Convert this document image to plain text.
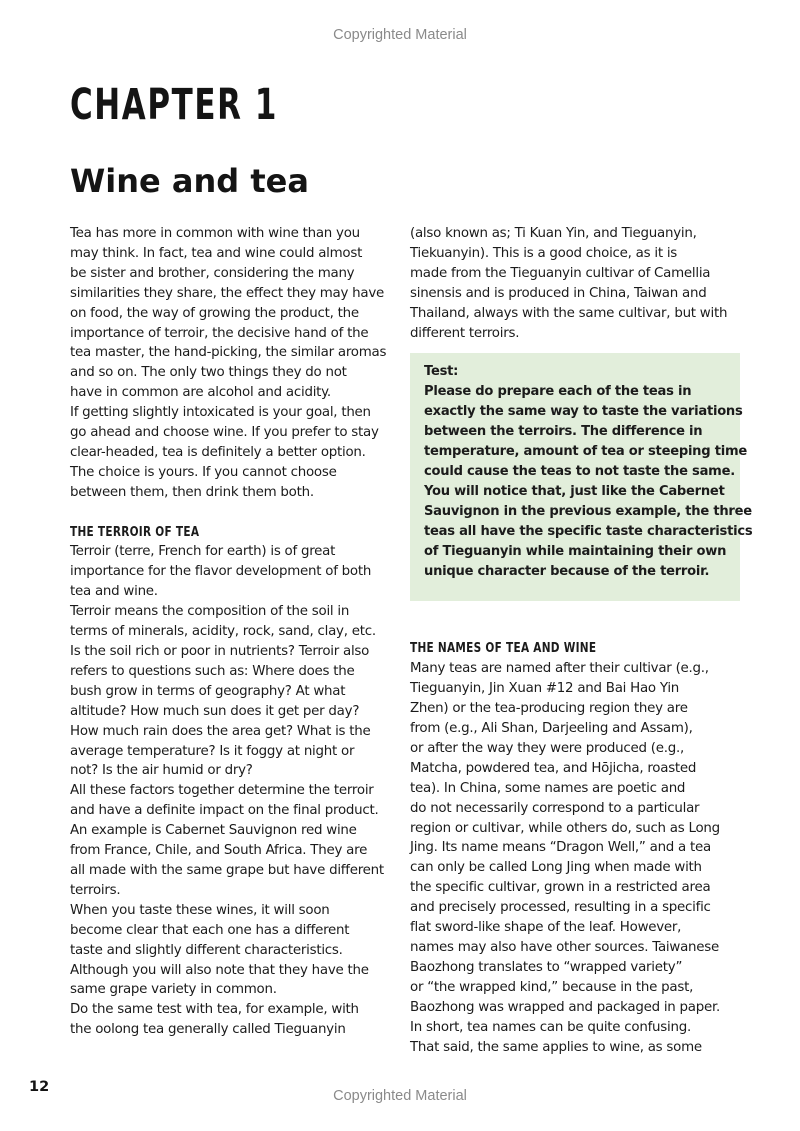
Copyrighted Material
CHAPTER 1
Wine and tea
Tea has more in common with wine than you
may think. In fact, tea and wine could almost
be sister and brother, considering the many
similarities they share, the effect they may have
on food, the way of growing the product, the
importance of terroir, the decisive hand of the
tea master, the hand-picking, the similar aromas
and so on. The only two things they do not
have in common are alcohol and acidity.
If getting slightly intoxicated is your goal, then
go ahead and choose wine. If you prefer to stay
clear-headed, tea is definitely a better option.
The choice is yours. If you cannot choose
between them, then drink them both.
THE TERROIR OF TEA
Terroir (terre, French for earth) is of great
importance for the flavor development of both
tea and wine.
Terroir means the composition of the soil in
terms of minerals, acidity, rock, sand, clay, etc.
Is the soil rich or poor in nutrients? Terroir also
refers to questions such as: Where does the
bush grow in terms of geography? At what
altitude? How much sun does it get per day?
How much rain does the area get? What is the
average temperature? Is it foggy at night or
not? Is the air humid or dry?
All these factors together determine the terroir
and have a definite impact on the final product.
An example is Cabernet Sauvignon red wine
from France, Chile, and South Africa. They are
all made with the same grape but have different
terroirs.
When you taste these wines, it will soon
become clear that each one has a different
taste and slightly different characteristics.
Although you will also note that they have the
same grape variety in common.
Do the same test with tea, for example, with
the oolong tea generally called Tieguanyin
(also known as; Ti Kuan Yin, and Tieguanyin,
Tiekuanyin). This is a good choice, as it is
made from the Tieguanyin cultivar of Camellia
sinensis and is produced in China, Taiwan and
Thailand, always with the same cultivar, but with
different terroirs.
Test:
Please do prepare each of the teas in
exactly the same way to taste the variations
between the terroirs. The difference in
temperature, amount of tea or steeping time
could cause the teas to not taste the same.
You will notice that, just like the Cabernet
Sauvignon in the previous example, the three
teas all have the specific taste characteristics
of Tieguanyin while maintaining their own
unique character because of the terroir.
THE NAMES OF TEA AND WINE
Many teas are named after their cultivar (e.g.,
Tieguanyin, Jin Xuan #12 and Bai Hao Yin
Zhen) or the tea-producing region they are
from (e.g., Ali Shan, Darjeeling and Assam),
or after the way they were produced (e.g.,
Matcha, powdered tea, and Hōjicha, roasted
tea). In China, some names are poetic and
do not necessarily correspond to a particular
region or cultivar, while others do, such as Long
Jing. Its name means “Dragon Well,” and a tea
can only be called Long Jing when made with
the specific cultivar, grown in a restricted area
and precisely processed, resulting in a specific
flat sword-like shape of the leaf. However,
names may also have other sources. Taiwanese
Baozhong translates to “wrapped variety”
or “the wrapped kind,” because in the past,
Baozhong was wrapped and packaged in paper.
In short, tea names can be quite confusing.
That said, the same applies to wine, as some
12
Copyrighted Material
